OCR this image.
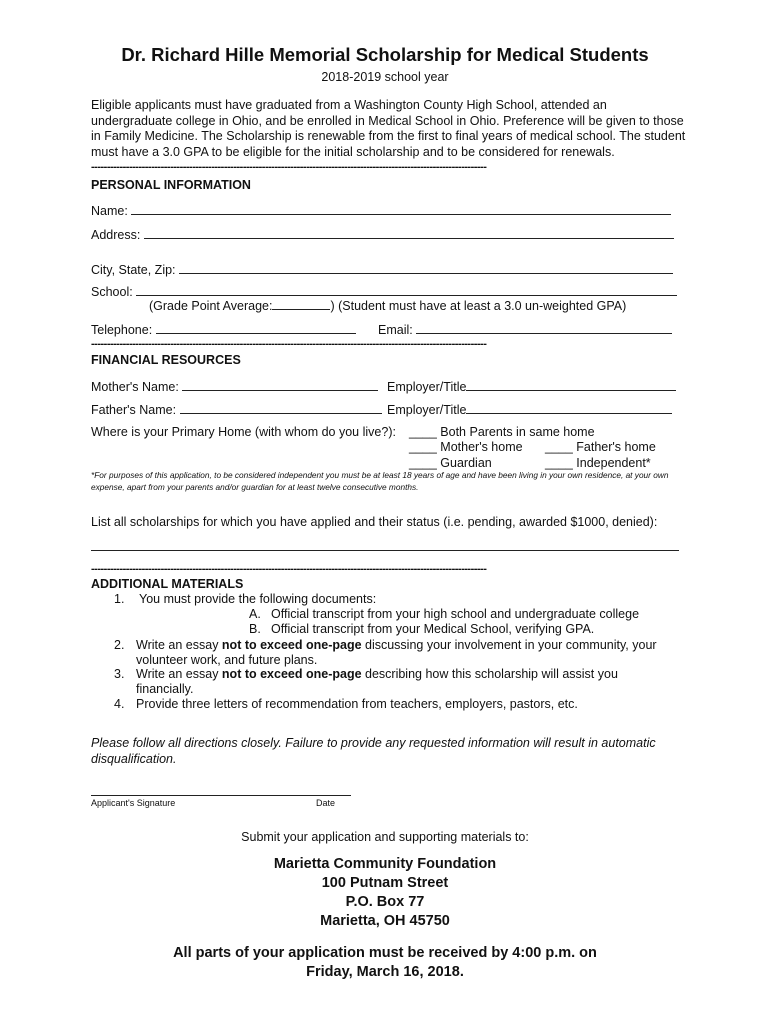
Dr. Richard Hille Memorial Scholarship for Medical Students
2018-2019 school year
Eligible applicants must have graduated from a Washington County High School, attended an undergraduate college in Ohio, and be enrolled in Medical School in Ohio. Preference will be given to those in Family Medicine. The Scholarship is renewable from the first to final years of medical school. The student must have a 3.0 GPA to be eligible for the initial scholarship and to be considered for renewals.
-----------------------------------------------------------------------------------------------------------------------------
PERSONAL INFORMATION
Name:
Address:
City, State, Zip:
School:
(Grade Point Average:	) (Student must have at least a 3.0 un-weighted GPA)
Telephone:	Email:
-----------------------------------------------------------------------------------------------------------------------------
FINANCIAL RESOURCES
Mother's Name:	Employer/Title
Father's Name:	Employer/Title
Where is your Primary Home (with whom do you live?): ____ Both Parents in same home
____ Mother's home ____ Father's home
____ Guardian	____ Independent*
*For purposes of this application, to be considered independent you must be at least 18 years of age and have been living in your own residence, at your own expense, apart from your parents and/or guardian for at least twelve consecutive months.
List all scholarships for which you have applied and their status (i.e. pending, awarded $1000, denied):
-----------------------------------------------------------------------------------------------------------------------------
ADDITIONAL MATERIALS
1. You must provide the following documents:
A. Official transcript from your high school and undergraduate college
B. Official transcript from your Medical School, verifying GPA.
2. Write an essay not to exceed one-page discussing your involvement in your community, your
volunteer work, and future plans.
3. Write an essay not to exceed one-page describing how this scholarship will assist you
financially.
4. Provide three letters of recommendation from teachers, employers, pastors, etc.
Please follow all directions closely. Failure to provide any requested information will result in automatic disqualification.
Applicant's Signature	Date
Submit your application and supporting materials to:
Marietta Community Foundation
100 Putnam Street
P.O. Box 77
Marietta, OH 45750
All parts of your application must be received by 4:00 p.m. on
Friday, March 16, 2018.
